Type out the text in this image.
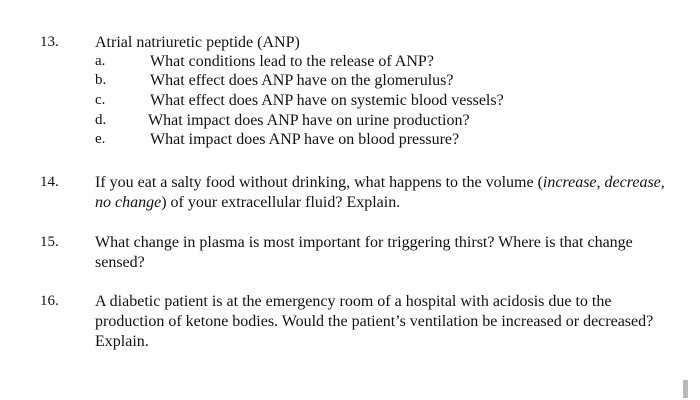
13. Atrial natriuretic peptide (ANP)
a.	What conditions lead to the release of ANP?
b.	What effect does ANP have on the glomerulus?
c.	What effect does ANP have on systemic blood vessels?
d.	What impact does ANP have on urine production?
e.	What impact does ANP have on blood pressure?
14. If you eat a salty food without drinking, what happens to the volume (increase, decrease,
no change) of your extracellular fluid? Explain.
15. What change in plasma is most important for triggering thirst? Where is that change
sensed?
16. A diabetic patient is at the emergency room of a hospital with acidosis due to the
production of ketone bodies. Would the patient’s ventilation be increased or decreased?
Explain.
